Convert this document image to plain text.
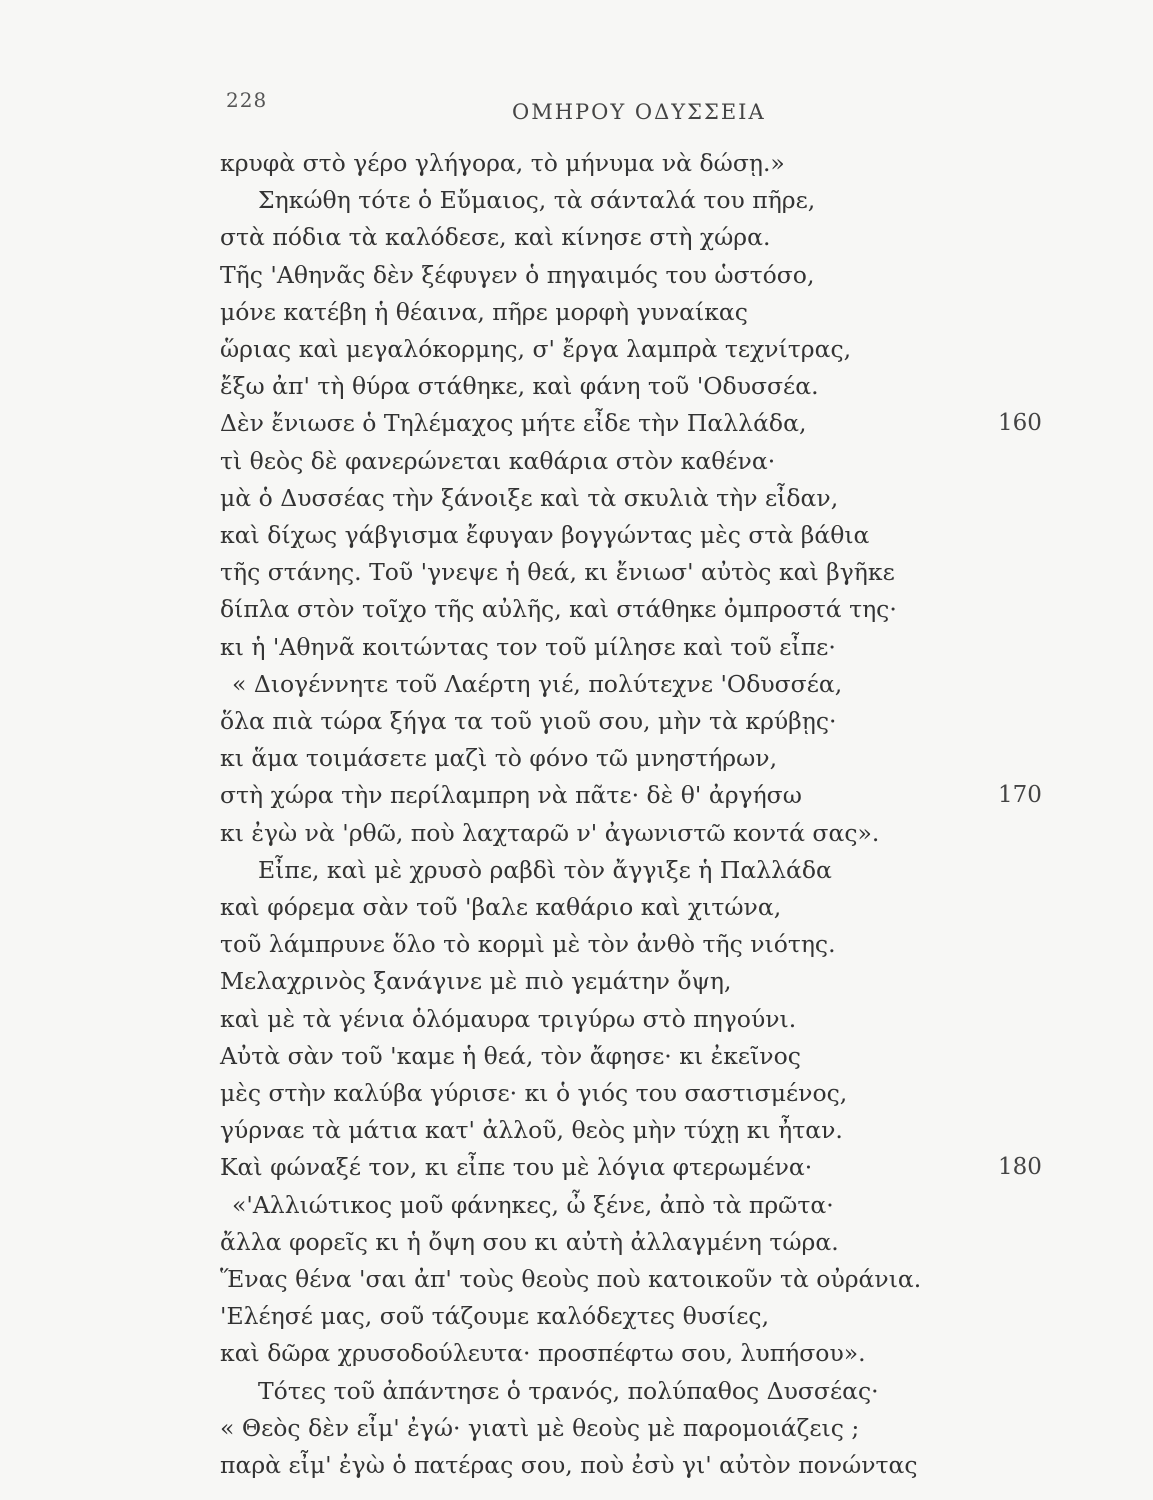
228	ΟΜΗΡΟΥ ΟΔΥΣΣΕΙΑ
κρυφὰ στὸ γέρο γλήγορα, τὸ μήνυμα νὰ δώσῃ.»
Σηκώθη τότε ὁ Εὔμαιος, τὰ σάνταλά του πῆρε,
στὰ πόδια τὰ καλόδεσε, καὶ κίνησε στὴ χώρα.
Τῆς 'Αθηνᾶς δὲν ξέφυγεν ὁ πηγαιμός του ὡστόσο,
μόνε κατέβη ἡ θέαινα, πῆρε μορφὴ γυναίκας
ὥριας καὶ μεγαλόκορμης, σ' ἔργα λαμπρὰ τεχνίτρας,
ἔξω ἀπ' τὴ θύρα στάθηκε, καὶ φάνη τοῦ 'Οδυσσέα.
Δὲν ἔνιωσε ὁ Τηλέμαχος μήτε εἶδε τὴν Παλλάδα,	160
τὶ θεὸς δὲ φανερώνεται καθάρια στὸν καθένα·
μὰ ὁ Δυσσέας τὴν ξάνοιξε καὶ τὰ σκυλιὰ τὴν εἶδαν,
καὶ δίχως γάβγισμα ἔφυγαν βογγώντας μὲς στὰ βάθια
τῆς στάνης. Τοῦ 'γνεψε ἡ θεά, κι ἔνιωσ' αὐτὸς καὶ βγῆκε
δίπλα στὸν τοῖχο τῆς αὐλῆς, καὶ στάθηκε ὀμπροστά της·
κι ἡ 'Αθηνᾶ κοιτώντας τον τοῦ μίλησε καὶ τοῦ εἶπε·
« Διογέννητε τοῦ Λαέρτη γιέ, πολύτεχνε 'Οδυσσέα,
ὅλα πιὰ τώρα ξήγα τα τοῦ γιοῦ σου, μὴν τὰ κρύβῃς·
κι ἅμα τοιμάσετε μαζὶ τὸ φόνο τῶ μνηστήρων,
στὴ χώρα τὴν περίλαμπρη νὰ πᾶτε· δὲ θ' ἀργήσω	170
κι ἐγὼ νὰ 'ρθῶ, ποὺ λαχταρῶ ν' ἀγωνιστῶ κοντά σας».
Εἶπε, καὶ μὲ χρυσὸ ραβδὶ τὸν ἄγγιξε ἡ Παλλάδα
καὶ φόρεμα σὰν τοῦ 'βαλε καθάριο καὶ χιτώνα,
τοῦ λάμπρυνε ὅλο τὸ κορμὶ μὲ τὸν ἀνθὸ τῆς νιότης.
Μελαχρινὸς ξανάγινε μὲ πιὸ γεμάτην ὄψη,
καὶ μὲ τὰ γένια ὁλόμαυρα τριγύρω στὸ πηγούνι.
Αὐτὰ σὰν τοῦ 'καμε ἡ θεά, τὸν ἄφησε· κι ἐκεῖνος
μὲς στὴν καλύβα γύρισε· κι ὁ γιός του σαστισμένος,
γύρναε τὰ μάτια κατ' ἀλλοῦ, θεὸς μὴν τύχῃ κι ἦταν.
Καὶ φώναξέ τον, κι εἶπε του μὲ λόγια φτερωμένα·	180
«'Αλλιώτικος μοῦ φάνηκες, ὦ ξένε, ἀπὸ τὰ πρῶτα·
ἄλλα φορεῖς κι ἡ ὄψη σου κι αὐτὴ ἀλλαγμένη τώρα.
Ἕνας θένα 'σαι ἀπ' τοὺς θεοὺς ποὺ κατοικοῦν τὰ οὐράνια.
'Ελέησέ μας, σοῦ τάζουμε καλόδεχτες θυσίες,
καὶ δῶρα χρυσοδούλευτα· προσπέφτω σου, λυπήσου».
Τότες τοῦ ἀπάντησε ὁ τρανός, πολύπαθος Δυσσέας·
« Θεὸς δὲν εἶμ' ἐγώ· γιατὶ μὲ θεοὺς μὲ παρομοιάζεις ;
παρὰ εἶμ' ἐγὼ ὁ πατέρας σου, ποὺ ἐσὺ γι' αὐτὸν πονώντας
